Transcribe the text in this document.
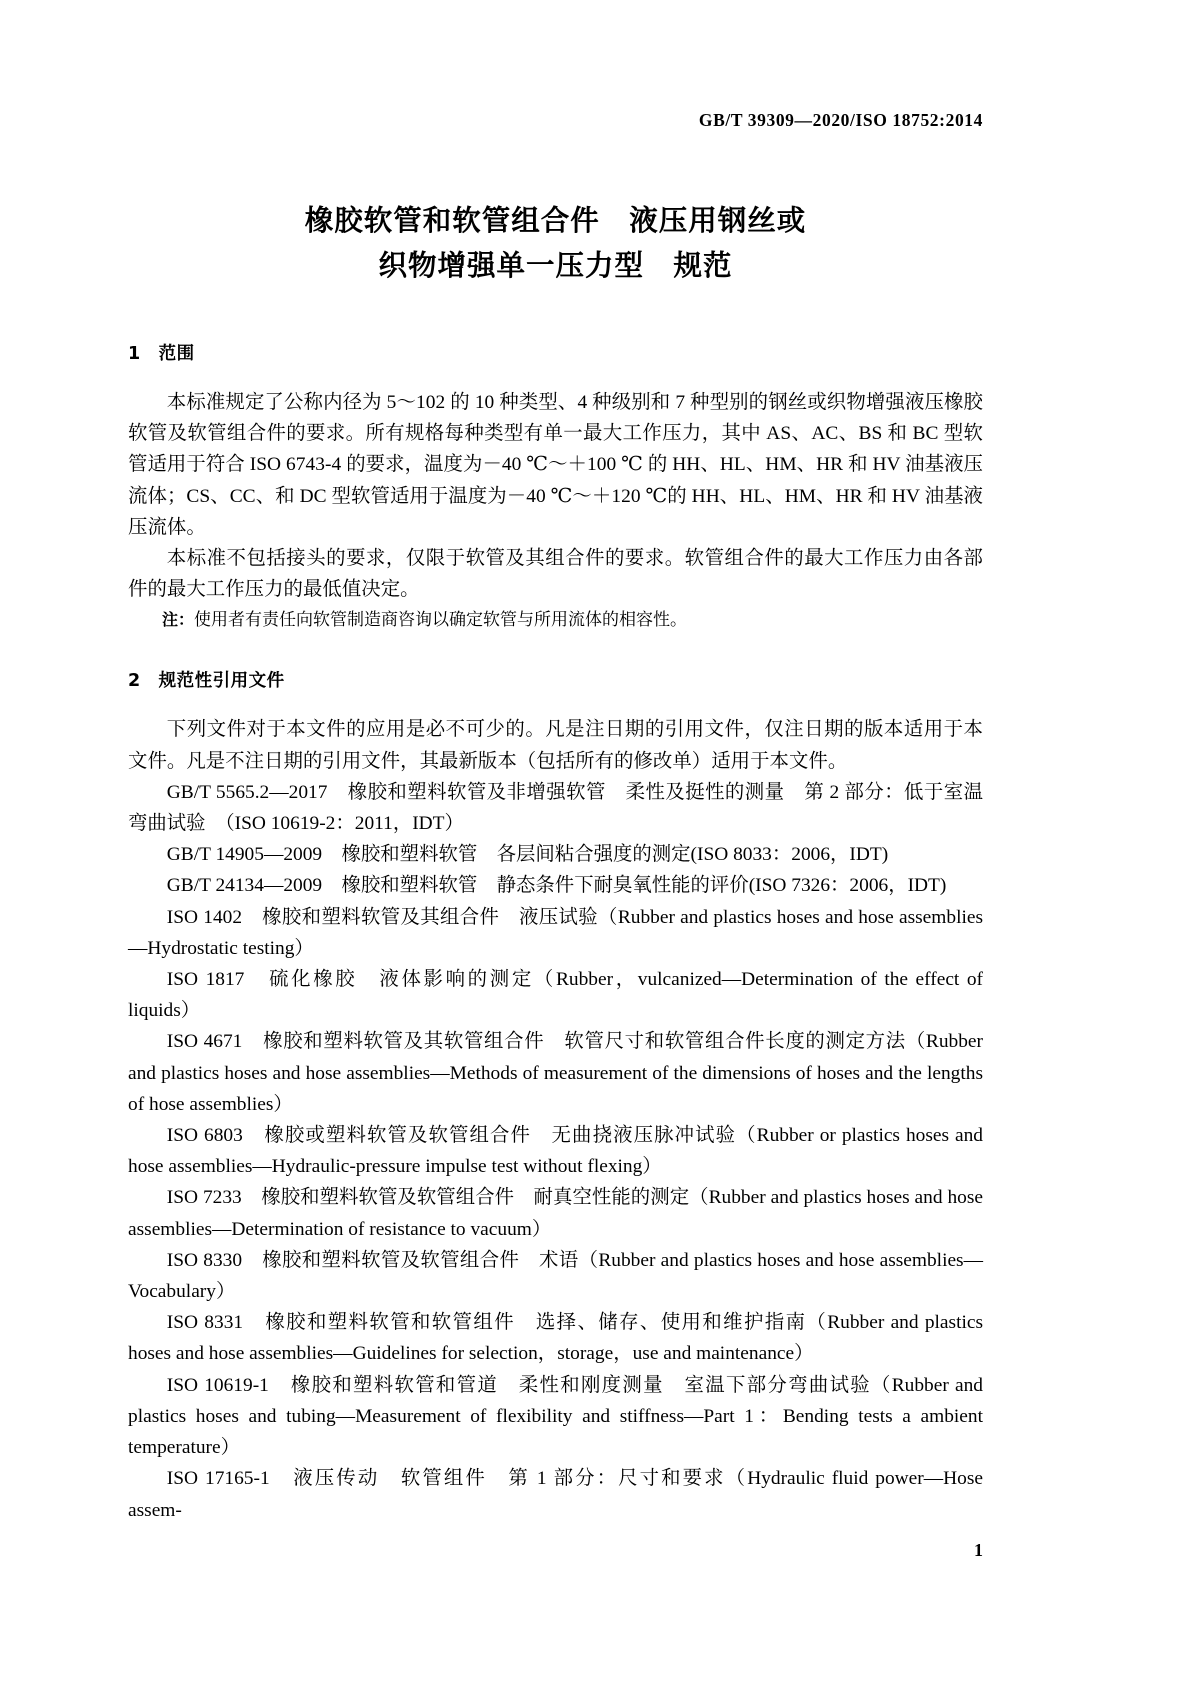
GB/T 39309—2020/ISO 18752:2014
橡胶软管和软管组合件　液压用钢丝或
织物增强单一压力型　规范
1　范围

本标准规定了公称内径为 5～102 的 10 种类型、4 种级别和 7 种型别的钢丝或织物增强液压橡胶软管及软管组合件的要求。所有规格每种类型有单一最大工作压力，其中 AS、AC、BS 和 BC 型软管适用于符合 ISO 6743-4 的要求，温度为－40 ℃～＋100 ℃ 的 HH、HL、HM、HR 和 HV 油基液压流体；CS、CC、和 DC 型软管适用于温度为－40 ℃～＋120 ℃的 HH、HL、HM、HR 和 HV 油基液压流体。

本标准不包括接头的要求，仅限于软管及其组合件的要求。软管组合件的最大工作压力由各部件的最大工作压力的最低值决定。

注：使用者有责任向软管制造商咨询以确定软管与所用流体的相容性。

2　规范性引用文件

下列文件对于本文件的应用是必不可少的。凡是注日期的引用文件，仅注日期的版本适用于本文件。凡是不注日期的引用文件，其最新版本（包括所有的修改单）适用于本文件。

GB/T 5565.2—2017　橡胶和塑料软管及非增强软管　柔性及挺性的测量　第 2 部分：低于室温弯曲试验　（ISO 10619-2：2011，IDT）

GB/T 14905—2009　橡胶和塑料软管　各层间粘合强度的测定(ISO 8033：2006，IDT)

GB/T 24134—2009　橡胶和塑料软管　静态条件下耐臭氧性能的评价(ISO 7326：2006，IDT)

ISO 1402　橡胶和塑料软管及其组合件　液压试验（Rubber and plastics hoses and hose assemblies—Hydrostatic testing）

ISO 1817　硫化橡胶　液体影响的测定（Rubber，vulcanized—Determination of the effect of liquids）

ISO 4671　橡胶和塑料软管及其软管组合件　软管尺寸和软管组合件长度的测定方法（Rubber and plastics hoses and hose assemblies—Methods of measurement of the dimensions of hoses and the lengths of hose assemblies）

ISO 6803　橡胶或塑料软管及软管组合件　无曲挠液压脉冲试验（Rubber or plastics hoses and hose assemblies—Hydraulic-pressure impulse test without flexing）

ISO 7233　橡胶和塑料软管及软管组合件　耐真空性能的测定（Rubber and plastics hoses and hose assemblies—Determination of resistance to vacuum）

ISO 8330　橡胶和塑料软管及软管组合件　术语（Rubber and plastics hoses and hose assemblies—Vocabulary）

ISO 8331　橡胶和塑料软管和软管组件　选择、储存、使用和维护指南（Rubber and plastics hoses and hose assemblies—Guidelines for selection，storage，use and maintenance）

ISO 10619-1　橡胶和塑料软管和管道　柔性和刚度测量　室温下部分弯曲试验（Rubber and plastics hoses and tubing—Measurement of flexibility and stiffness—Part 1：Bending tests a ambient temperature）

ISO 17165-1　液压传动　软管组件　第 1 部分：尺寸和要求（Hydraulic fluid power—Hose assem-

1
